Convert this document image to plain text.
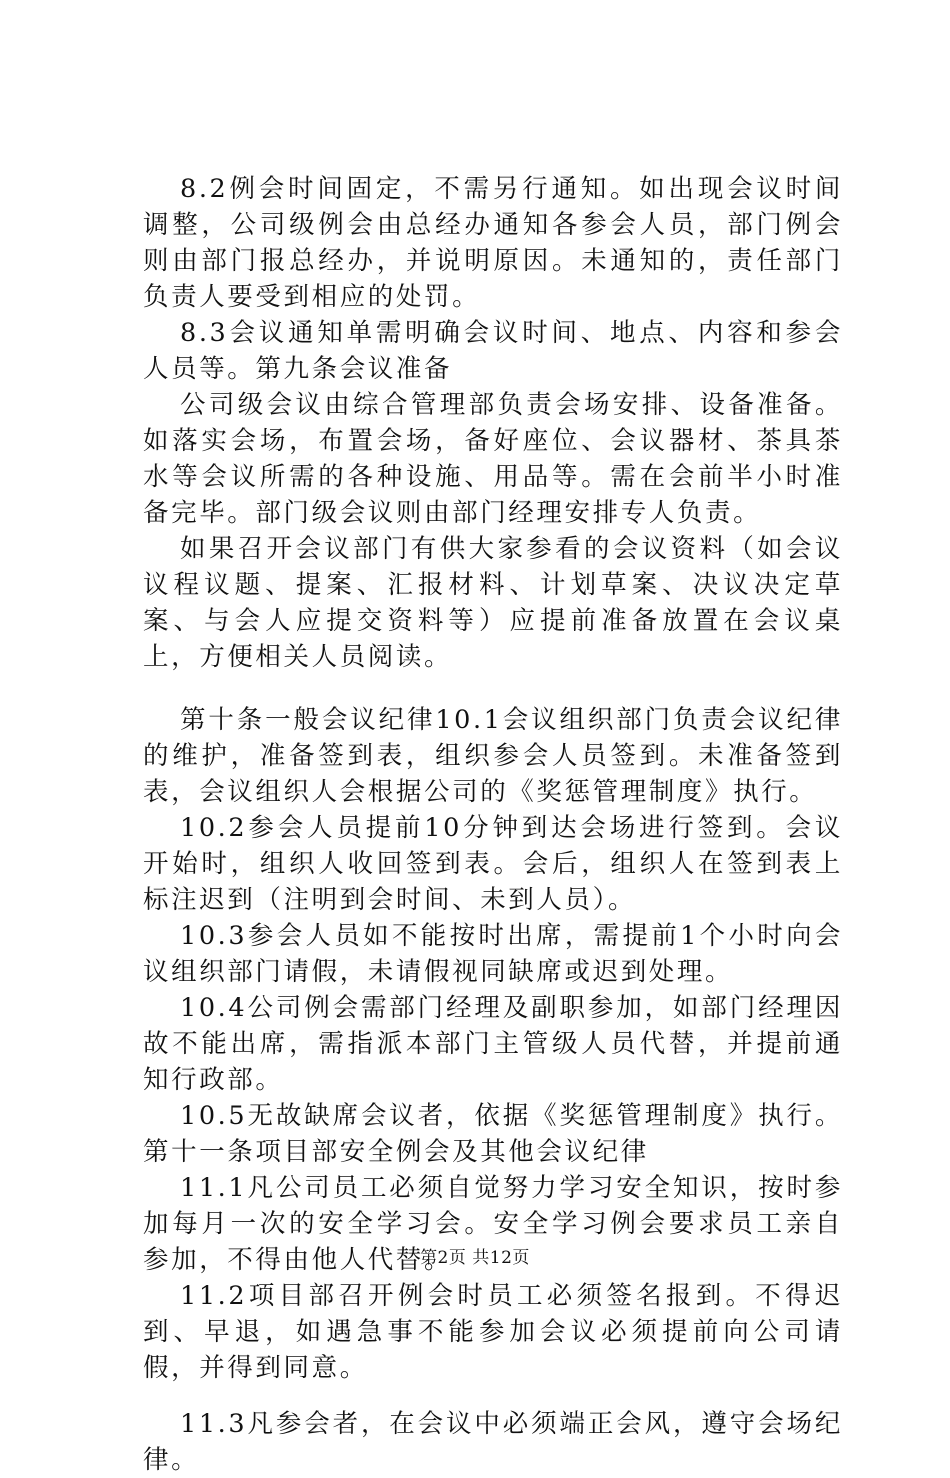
8.2例会时间固定，不需另行通知。如出现会议时间调整，公司级例会由总经办通知各参会人员，部门例会则由部门报总经办，并说明原因。未通知的，责任部门负责人要受到相应的处罚。

8.3会议通知单需明确会议时间、地点、内容和参会人员等。第九条会议准备

公司级会议由综合管理部负责会场安排、设备准备。如落实会场，布置会场，备好座位、会议器材、茶具茶水等会议所需的各种设施、用品等。需在会前半小时准备完毕。部门级会议则由部门经理安排专人负责。

如果召开会议部门有供大家参看的会议资料（如会议议程议题、提案、汇报材料、计划草案、决议决定草案、与会人应提交资料等）应提前准备放置在会议桌上，方便相关人员阅读。

第十条一般会议纪律10.1会议组织部门负责会议纪律的维护，准备签到表，组织参会人员签到。未准备签到表，会议组织人会根据公司的《奖惩管理制度》执行。

10.2参会人员提前10分钟到达会场进行签到。会议开始时，组织人收回签到表。会后，组织人在签到表上标注迟到（注明到会时间、未到人员）。

10.3参会人员如不能按时出席，需提前1个小时向会议组织部门请假，未请假视同缺席或迟到处理。

10.4公司例会需部门经理及副职参加，如部门经理因故不能出席，需指派本部门主管级人员代替，并提前通知行政部。

10.5无故缺席会议者，依据《奖惩管理制度》执行。第十一条项目部安全例会及其他会议纪律

11.1凡公司员工必须自觉努力学习安全知识，按时参加每月一次的安全学习会。安全学习例会要求员工亲自参加，不得由他人代替。

11.2项目部召开例会时员工必须签名报到。不得迟到、早退，如遇急事不能参加会议必须提前向公司请假，并得到同意。

11.3凡参会者，在会议中必须端正会风，遵守会场纪律。

第2页 共12页
